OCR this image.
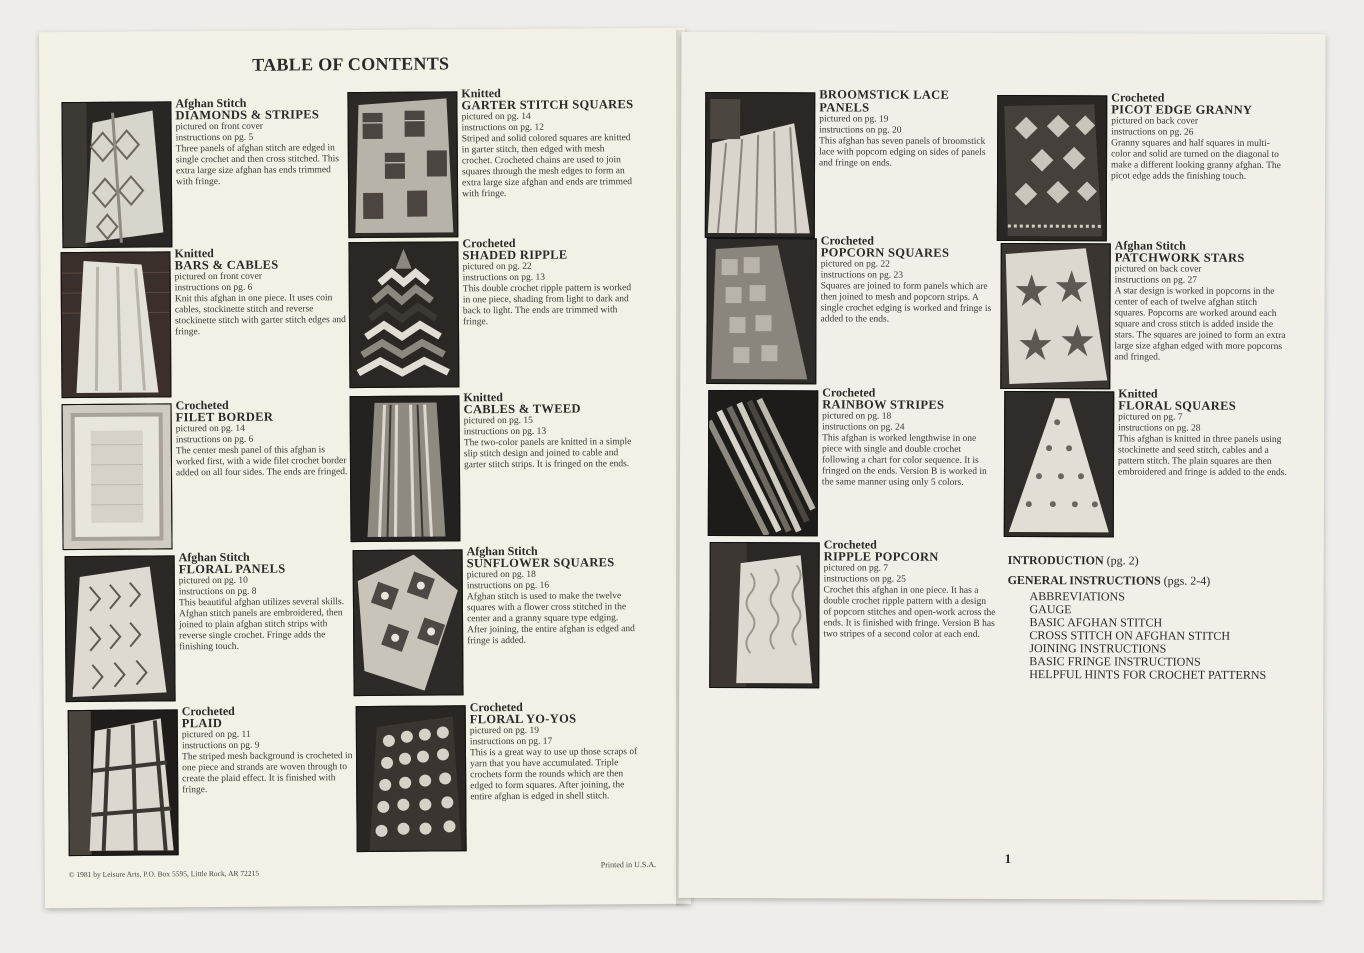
TABLE OF CONTENTS
Afghan Stitch
DIAMONDS & STRIPES
pictured on front cover
instructions on pg. 5
Three panels of afghan stitch are edged in single crochet and then cross stitched. This extra large size afghan has ends trimmed with fringe.
Knitted
BARS & CABLES
pictured on front cover
instructions on pg. 6
Knit this afghan in one piece. It uses coin cables, stockinette stitch and reverse stockinette stitch with garter stitch edges and fringe.
Crocheted
FILET BORDER
pictured on pg. 14
instructions on pg. 6
The center mesh panel of this afghan is worked first, with a wide filet crochet border added on all four sides. The ends are fringed.
Afghan Stitch
FLORAL PANELS
pictured on pg. 10
instructions on pg. 8
This beautiful afghan utilizes several skills. Afghan stitch panels are embroidered, then joined to plain afghan stitch strips with reverse single crochet. Fringe adds the finishing touch.
Crocheted
PLAID
pictured on pg. 11
instructions on pg. 9
The striped mesh background is crocheted in one piece and strands are woven through to create the plaid effect. It is finished with fringe.
Knitted
GARTER STITCH SQUARES
pictured on pg. 14
instructions on pg. 12
Striped and solid colored squares are knitted in garter stitch, then edged with mesh crochet. Crocheted chains are used to join squares through the mesh edges to form an extra large size afghan and ends are trimmed with fringe.
Crocheted
SHADED RIPPLE
pictured on pg. 22
instructions on pg. 13
This double crochet ripple pattern is worked in one piece, shading from light to dark and back to light. The ends are trimmed with fringe.
Knitted
CABLES & TWEED
pictured on pg. 15
instructions on pg. 13
The two-color panels are knitted in a simple slip stitch design and joined to cable and garter stitch strips. It is fringed on the ends.
Afghan Stitch
SUNFLOWER SQUARES
pictured on pg. 18
instructions on pg. 16
Afghan stitch is used to make the twelve squares with a flower cross stitched in the center and a granny square type edging. After joining, the entire afghan is edged and fringe is added.
Crocheted
FLORAL YO-YOS
pictured on pg. 19
instructions on pg. 17
This is a great way to use up those scraps of yarn that you have accumulated. Triple crochets form the rounds which are then edged to form squares. After joining, the entire afghan is edged in shell stitch.
© 1981 by Leisure Arts, P.O. Box 5595, Little Rock, AR 72215
Printed in U.S.A.
BROOMSTICK LACE PANELS
pictured on pg. 19
instructions on pg. 20
This afghan has seven panels of broomstick lace with popcorn edging on sides of panels and fringe on ends.
Crocheted
POPCORN SQUARES
pictured on pg. 22
instructions on pg. 23
Squares are joined to form panels which are then joined to mesh and popcorn strips. A single crochet edging is worked and fringe is added to the ends.
Crocheted
RAINBOW STRIPES
pictured on pg. 18
instructions on pg. 24
This afghan is worked lengthwise in one piece with single and double crochet following a chart for color sequence. It is fringed on the ends. Version B is worked in the same manner using only 5 colors.
Crocheted
RIPPLE POPCORN
pictured on pg. 7
instructions on pg. 25
Crochet this afghan in one piece. It has a double crochet ripple pattern with a design of popcorn stitches and open-work across the ends. It is finished with fringe. Version B has two stripes of a second color at each end.
Crocheted
PICOT EDGE GRANNY
pictured on back cover
instructions on pg. 26
Granny squares and half squares in multi-color and solid are turned on the diagonal to make a different looking granny afghan. The picot edge adds the finishing touch.
Afghan Stitch
PATCHWORK STARS
pictured on back cover
instructions on pg. 27
A star design is worked in popcorns in the center of each of twelve afghan stitch squares. Popcorns are worked around each square and cross stitch is added inside the stars. The squares are joined to form an extra large size afghan edged with more popcorns and fringed.
Knitted
FLORAL SQUARES
pictured on pg. 7
instructions on pg. 28
This afghan is knitted in three panels using stockinette and seed stitch, cables and a pattern stitch. The plain squares are then embroidered and fringe is added to the ends.
INTRODUCTION (pg. 2)
GENERAL INSTRUCTIONS (pgs. 2-4)
ABBREVIATIONS
GAUGE
BASIC AFGHAN STITCH
CROSS STITCH ON AFGHAN STITCH
JOINING INSTRUCTIONS
BASIC FRINGE INSTRUCTIONS
HELPFUL HINTS FOR CROCHET PATTERNS
1
